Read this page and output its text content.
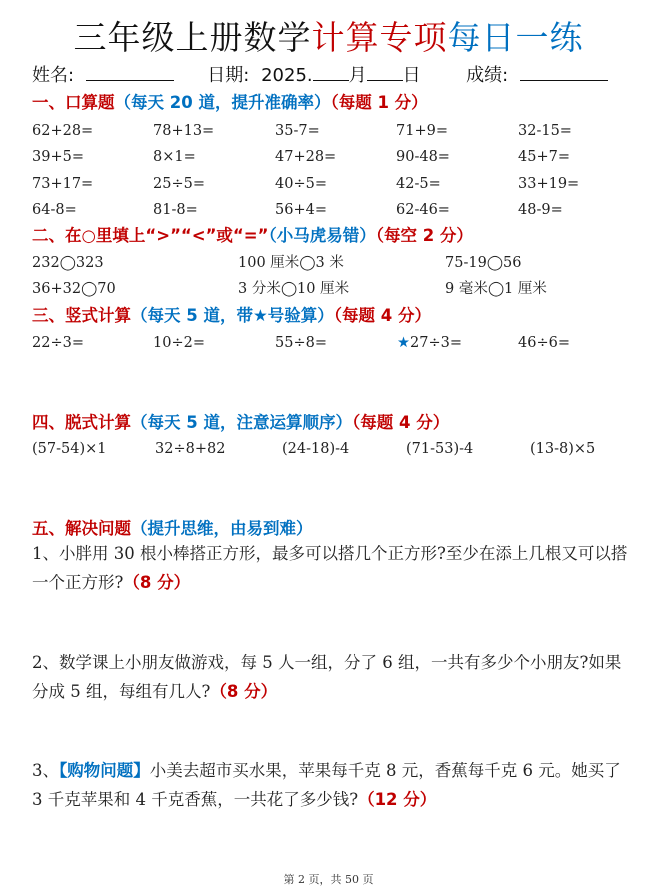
三年级上册数学计算专项每日一练
姓名:	日期: 2025. 月 日	成绩:
一、口算题（每天 20 道，提升准确率）（每题 1 分）
62+28=	78+13=	35-7=	71+9=	32-15=
39+5=	8×1=	47+28=	90-48=	45+7=
73+17=	25÷5=	40÷5=	42-5=	33+19=
64-8=	81-8=	56+4=	62-46=	48-9=
二、在○里填上“>”“<”或“=”（小马虎易错）（每空 2 分）
232◯323	100 厘米◯3 米	75-19◯56
36+32◯70	3 分米◯10 厘米	9 毫米◯1 厘米
三、竖式计算（每天 5 道，带★号验算）（每题 4 分）
22÷3=	10÷2=	55÷8=	★27÷3=	46÷6=
四、脱式计算（每天 5 道，注意运算顺序）（每题 4 分）
(57-54)×1	32÷8+82	(24-18)-4	(71-53)-4	(13-8)×5
五、解决问题（提升思维，由易到难）
1、小胖用 30 根小棒搭正方形，最多可以搭几个正方形?至少在添上几根又可以搭一个正方形?（8 分）
2、数学课上小朋友做游戏，每 5 人一组，分了 6 组，一共有多少个小朋友?如果分成 5 组，每组有几人?（8 分）
3、【购物问题】小美去超市买水果，苹果每千克 8 元，香蕉每千克 6 元。她买了 3 千克苹果和 4 千克香蕉，一共花了多少钱?（12 分）
第 2 页，共 50 页
